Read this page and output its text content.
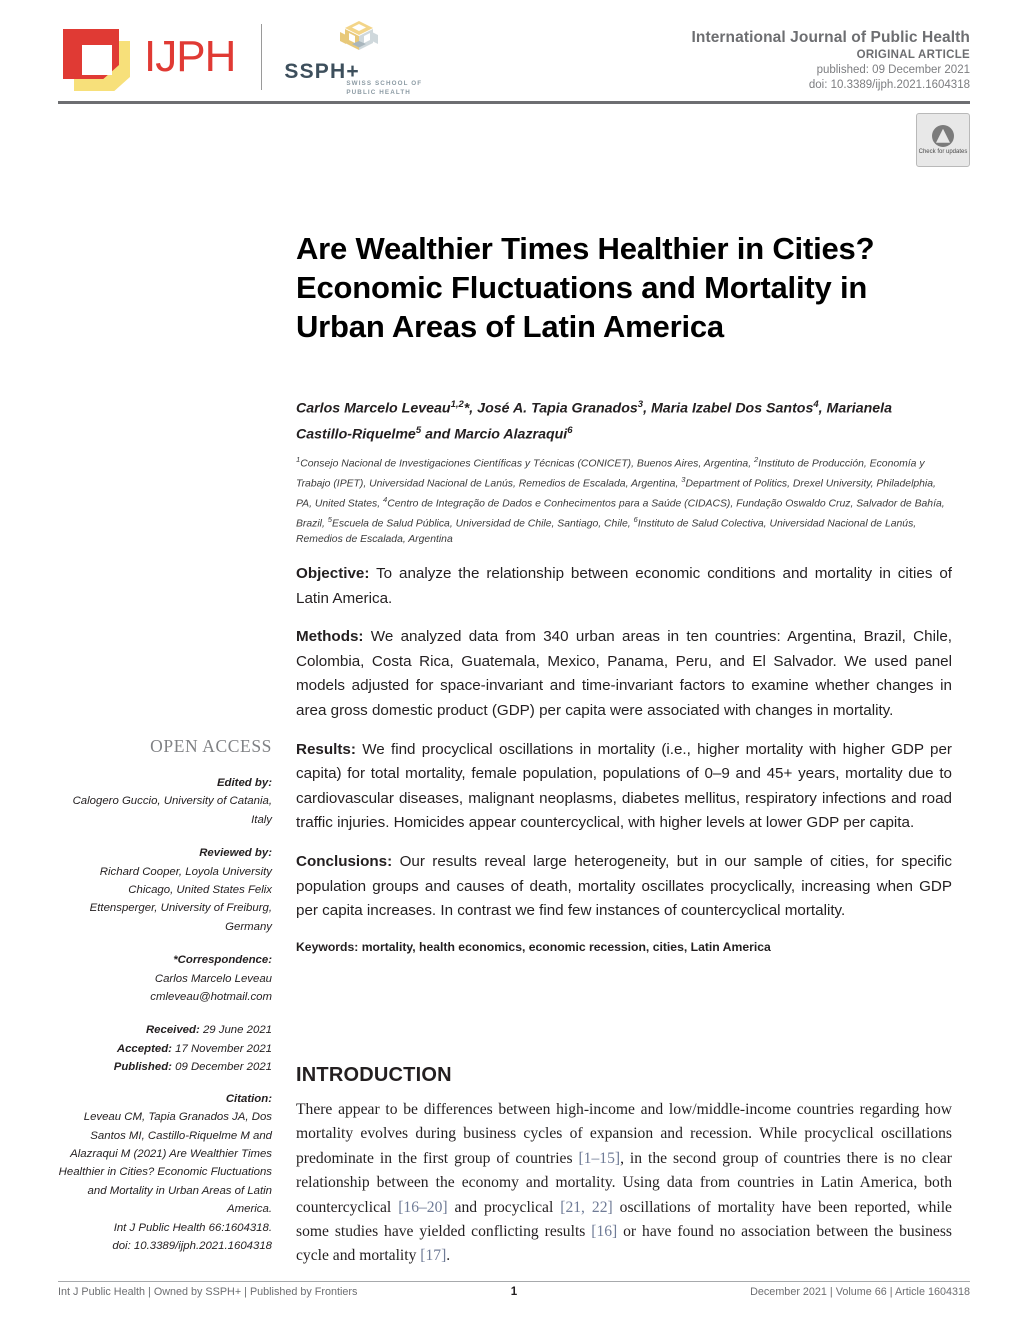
IJPH SSPH+
SWISS SCHOOL OF PUBLIC HEALTH
International Journal of Public Health
ORIGINAL ARTICLE
published: 09 December 2021
doi: 10.3389/ijph.2021.1604318
Check for updates
Are Wealthier Times Healthier in Cities? Economic Fluctuations and Mortality in Urban Areas of Latin America
Carlos Marcelo Leveau$^{1,2}$*, José A. Tapia Granados$^3$, Maria Izabel Dos Santos$^4$, Marianela Castillo-Riquelme$^5$ and Marcio Alazraqui$^6$
$^1$Consejo Nacional de Investigaciones Científicas y Técnicas (CONICET), Buenos Aires, Argentina, $^2$Instituto de Producción, Economía y Trabajo (IPET), Universidad Nacional de Lanús, Remedios de Escalada, Argentina, $^3$Department of Politics, Drexel University, Philadelphia, PA, United States, $^4$Centro de Integração de Dados e Conhecimentos para a Saúde (CIDACS), Fundação Oswaldo Cruz, Salvador de Bahía, Brazil, $^5$Escuela de Salud Pública, Universidad de Chile, Santiago, Chile, $^6$Instituto de Salud Colectiva, Universidad Nacional de Lanús, Remedios de Escalada, Argentina

Objective: To analyze the relationship between economic conditions and mortality in cities of Latin America.

Methods: We analyzed data from 340 urban areas in ten countries: Argentina, Brazil, Chile, Colombia, Costa Rica, Guatemala, Mexico, Panama, Peru, and El Salvador. We used panel models adjusted for space-invariant and time-invariant factors to examine whether changes in area gross domestic product (GDP) per capita were associated with changes in mortality.

Results: We find procyclical oscillations in mortality (i.e., higher mortality with higher GDP per capita) for total mortality, female population, populations of 0–9 and 45+ years, mortality due to cardiovascular diseases, malignant neoplasms, diabetes mellitus, respiratory infections and road traffic injuries. Homicides appear countercyclical, with higher levels at lower GDP per capita.

Conclusions: Our results reveal large heterogeneity, but in our sample of cities, for specific population groups and causes of death, mortality oscillates procyclically, increasing when GDP per capita increases. In contrast we find few instances of countercyclical mortality.

Keywords: mortality, health economics, economic recession, cities, Latin America
OPEN ACCESS
Edited by:
Calogero Guccio, University of Catania, Italy
Reviewed by:
Richard Cooper, Loyola University Chicago, United States Felix Ettensperger, University of Freiburg, Germany
*Correspondence:
Carlos Marcelo Leveau
cmleveau@hotmail.com
Received: 29 June 2021
Accepted: 17 November 2021
Published: 09 December 2021
Citation:
Leveau CM, Tapia Granados JA, Dos Santos MI, Castillo-Riquelme M and Alazraqui M (2021) Are Wealthier Times Healthier in Cities? Economic Fluctuations and Mortality in Urban Areas of Latin America.
Int J Public Health 66:1604318.
doi: 10.3389/ijph.2021.1604318
INTRODUCTION
There appear to be differences between high-income and low/middle-income countries regarding how mortality evolves during business cycles of expansion and recession. While procyclical oscillations predominate in the first group of countries [1–15], in the second group of countries there is no clear relationship between the economy and mortality. Using data from countries in Latin America, both countercyclical [16–20] and procyclical [21, 22] oscillations of mortality have been reported, while some studies have yielded conflicting results [16] or have found no association between the business cycle and mortality [17].
Int J Public Health | Owned by SSPH+ | Published by Frontiers	1	December 2021 | Volume 66 | Article 1604318
